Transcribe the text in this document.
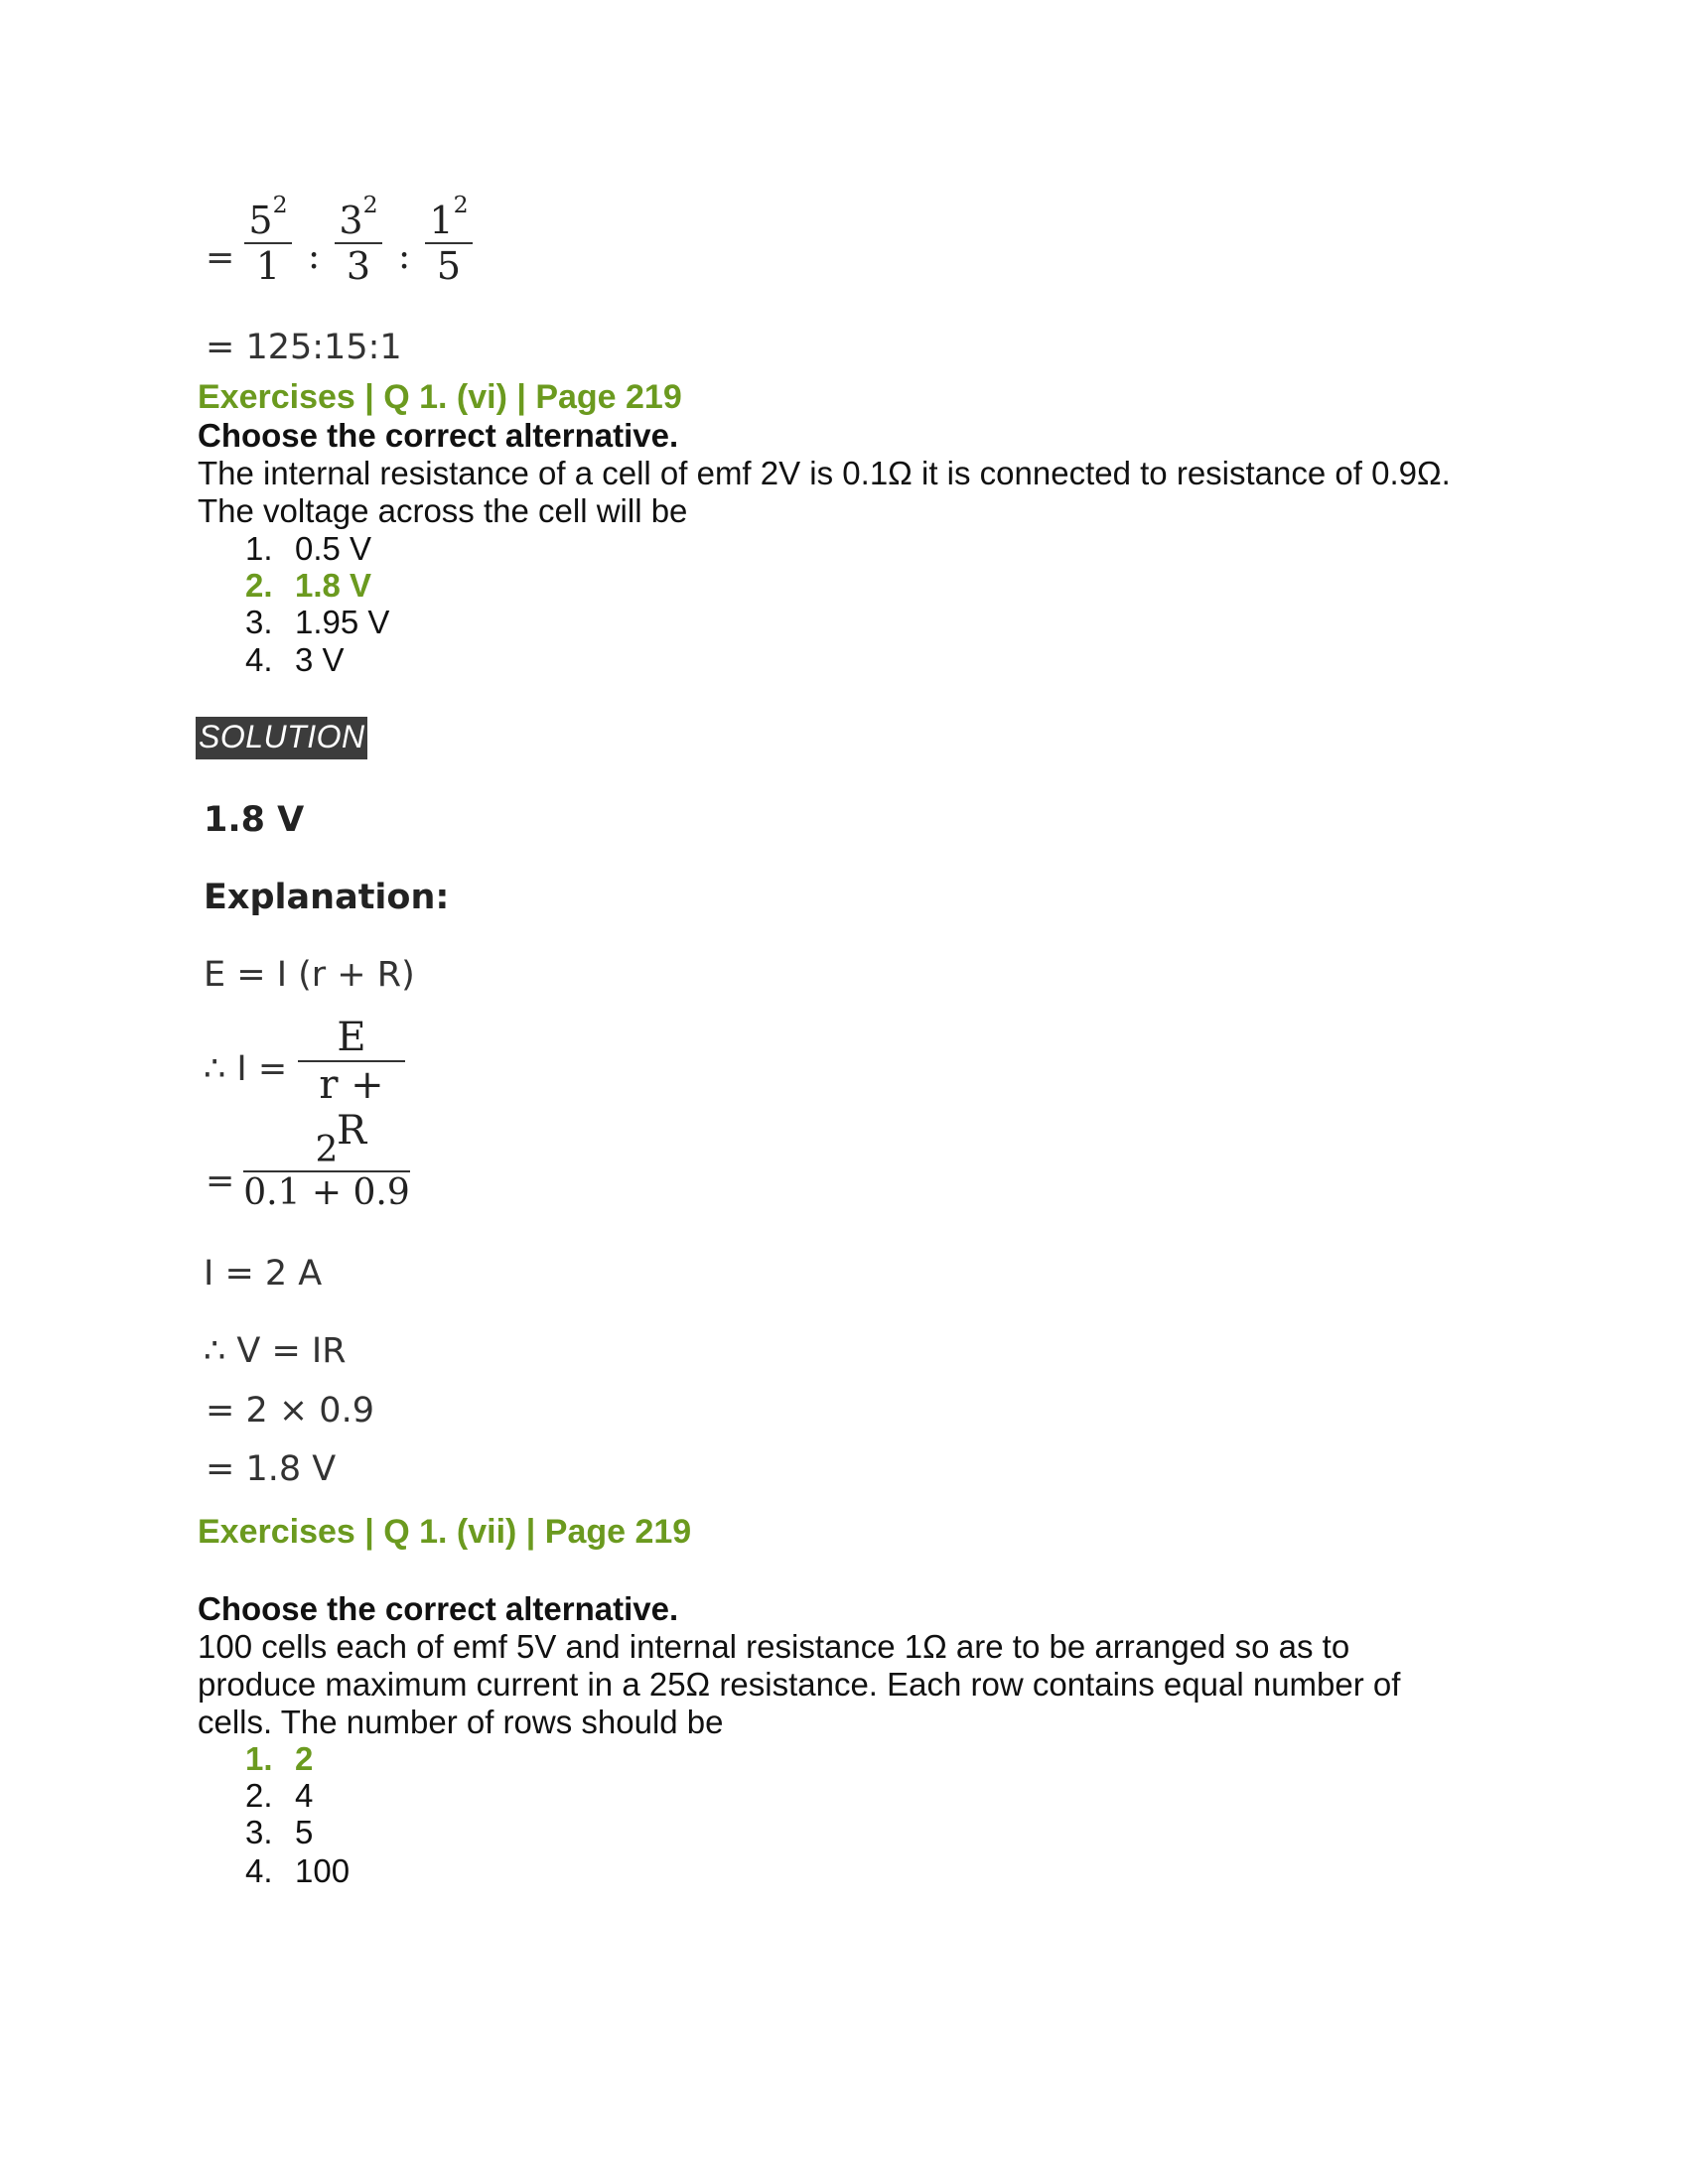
=
$5^2$
1 :
$3^2$
3 :
$1^2$
5
= 125:15:1
Exercises | Q 1. (vi) | Page 219
Choose the correct alternative.
The internal resistance of a cell of emf 2V is 0.1Ω it is connected to resistance of 0.9Ω. The voltage across the cell will be
1. 0.5 V
2. 1.8 V
3. 1.95 V
4. 3 V
SOLUTION
1.8 V
Explanation:
E = I (r + R)
∴ I =
E
r + R
=
2
0.1 + 0.9
I = 2 A
∴ V = IR
= 2 × 0.9
= 1.8 V
Exercises | Q 1. (vii) | Page 219
Choose the correct alternative.
100 cells each of emf 5V and internal resistance 1Ω are to be arranged so as to produce maximum current in a 25Ω resistance. Each row contains equal number of cells. The number of rows should be
1. 2
2. 4
3. 5
4. 100
